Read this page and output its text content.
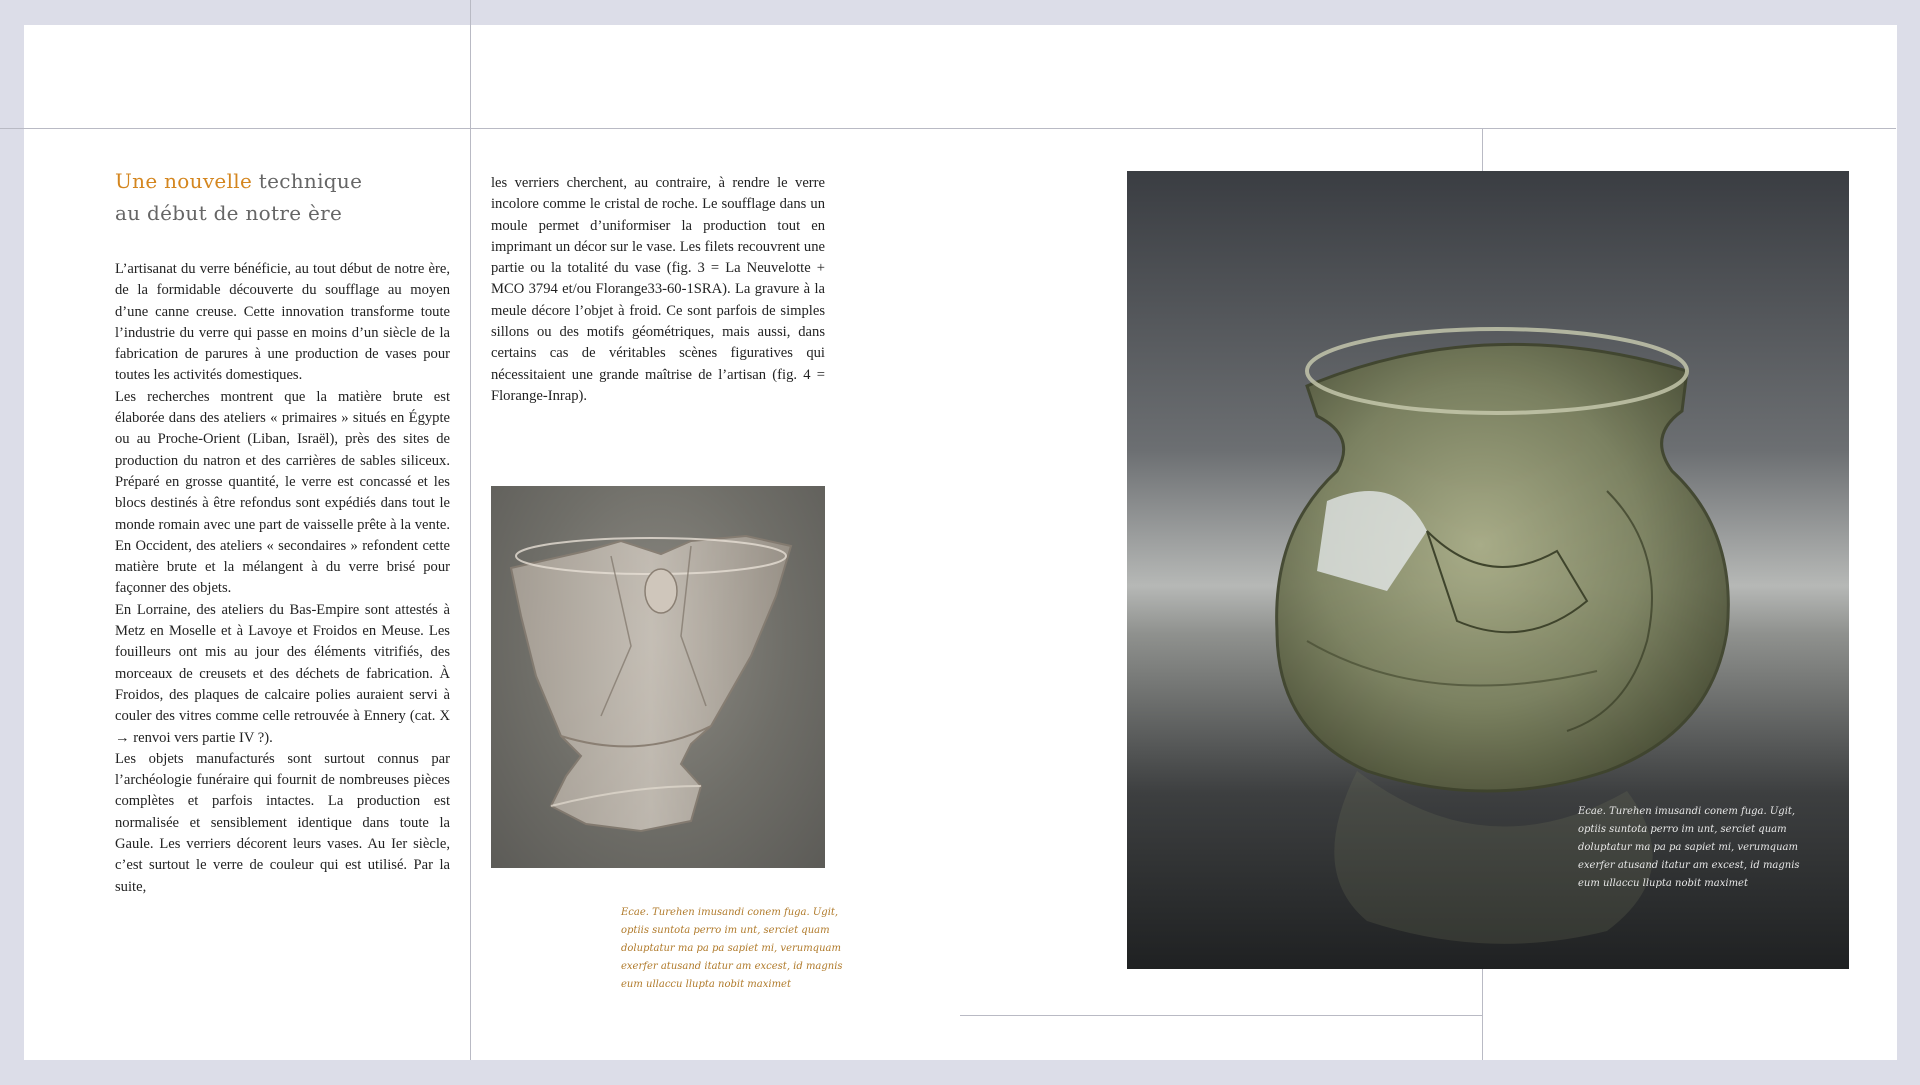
Une nouvelle technique
au début de notre ère

L’artisanat du verre bénéficie, au tout début de notre ère, de la formidable découverte du soufflage au moyen d’une canne creuse. Cette innovation transforme toute l’industrie du verre qui passe en moins d’un siècle de la fabrication de parures à une production de vases pour toutes les activités domestiques.

Les recherches montrent que la matière brute est élaborée dans des ateliers « primaires » situés en Égypte ou au Proche-Orient (Liban, Israël), près des sites de production du natron et des carrières de sables siliceux. Préparé en grosse quantité, le verre est concassé et les blocs destinés à être refondus sont expédiés dans tout le monde romain avec une part de vaisselle prête à la vente. En Occident, des ateliers « secondaires » refondent cette matière brute et la mélangent à du verre brisé pour façonner des objets.

En Lorraine, des ateliers du Bas-Empire sont attestés à Metz en Moselle et à Lavoye et Froidos en Meuse. Les fouilleurs ont mis au jour des éléments vitrifiés, des morceaux de creusets et des déchets de fabrication. À Froidos, des plaques de calcaire polies auraient servi à couler des vitres comme celle retrouvée à Ennery (cat. X → renvoi vers partie IV ?).

Les objets manufacturés sont surtout connus par l’archéologie funéraire qui fournit de nombreuses pièces complètes et parfois intactes. La production est normalisée et sensiblement identique dans toute la Gaule. Les verriers décorent leurs vases. Au Ier siècle, c’est surtout le verre de couleur qui est utilisé. Par la suite,

les verriers cherchent, au contraire, à rendre le verre incolore comme le cristal de roche. Le soufflage dans un moule permet d’uniformiser la production tout en imprimant un décor sur le vase. Les filets recouvrent une partie ou la totalité du vase (fig. 3 = La Neuvelotte + MCO 3794 et/ou Florange33-60-1SRA). La gravure à la meule décore l’objet à froid. Ce sont parfois de simples sillons ou des motifs géométriques, mais aussi, dans certains cas de véritables scènes figuratives qui nécessitaient une grande maîtrise de l’artisan (fig. 4 = Florange-Inrap).

Ecae. Turehen imusandi conem fuga. Ugit, optiis suntota perro im unt, serciet quam doluptatur ma pa pa sapiet mi, verumquam exerfer atusand itatur am excest, id magnis eum ullaccu llupta nobit maximet
Ecae. Turehen imusandi conem fuga. Ugit, optiis suntota perro im unt, serciet quam doluptatur ma pa pa sapiet mi, verumquam exerfer atusand itatur am excest, id magnis eum ullaccu llupta nobit maximet
